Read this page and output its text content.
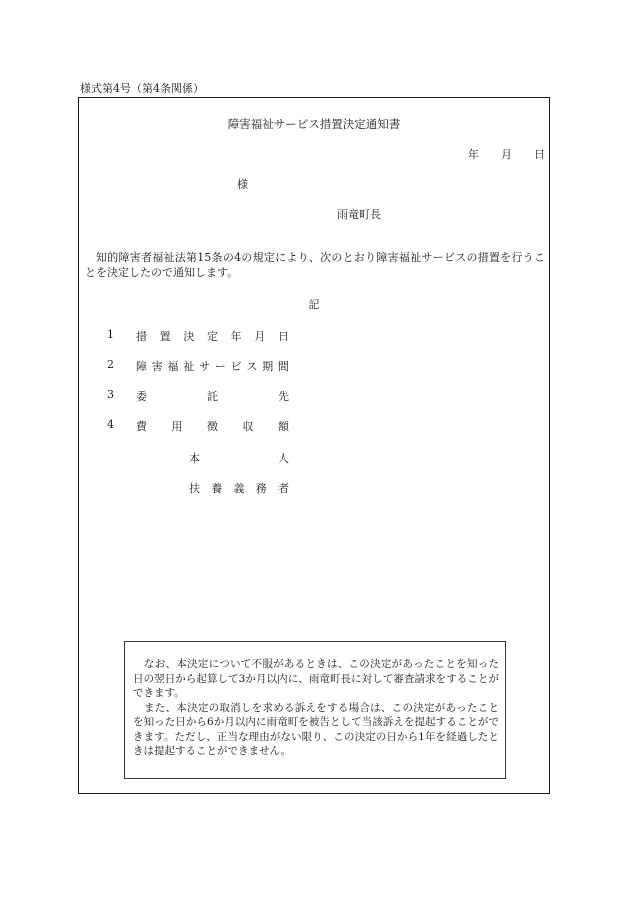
様式第4号（第4条関係）
障害福祉サービス措置決定通知書
年 月 日
様
雨竜町長
知的障害者福祉法第15条の4の規定により、次のとおり障害福祉サービスの措置を行うことを決定したので通知します。
記
1	措 置 決 定 年 月 日
2	障 害 福 祉 サ ー ビ ス 期 間
3	委	託	先
4	費 用 徴 収 額
本	人
扶 養 義 務 者

なお、本決定について不服があるときは、この決定があったことを知った日の翌日から起算して3か月以内に、雨竜町長に対して審査請求をすることができます。

また、本決定の取消しを求める訴えをする場合は、この決定があったことを知った日から6か月以内に雨竜町を被告として当該訴えを提起することができます。ただし、正当な理由がない限り、この決定の日から1年を経過したときは提起することができません。
